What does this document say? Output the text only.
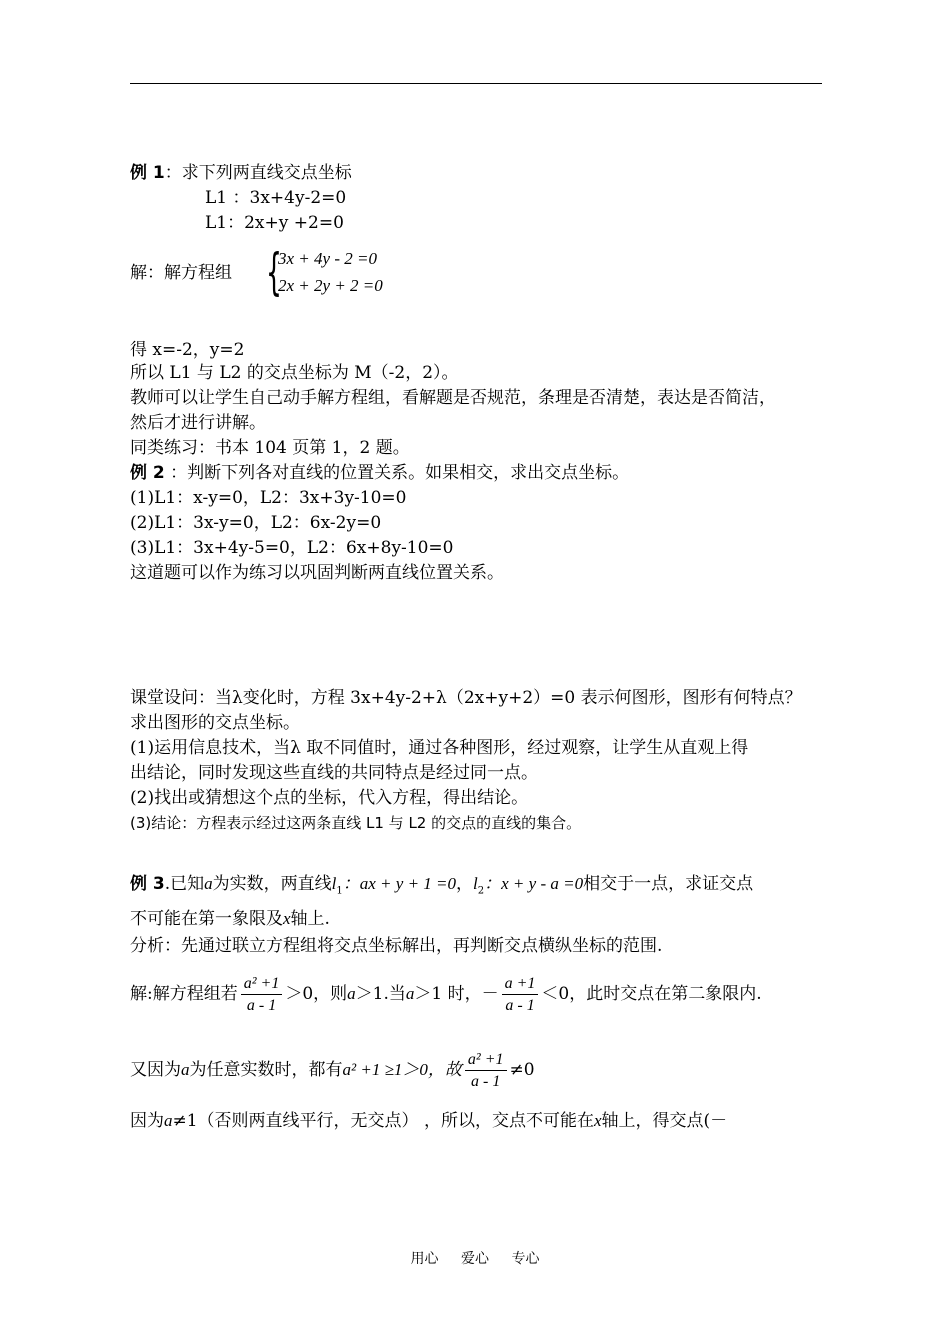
例 1：求下列两直线交点坐标
L1 ：3x+4y-2=0
L1：2x+y +2=0
解：解方程组 {
3x + 4y - 2 =0
2x + 2y + 2 =0
得 x=-2，y=2
所以 L1 与 L2 的交点坐标为 M（-2，2）。
教师可以让学生自己动手解方程组，看解题是否规范，条理是否清楚，表达是否简洁，
然后才进行讲解。
同类练习：书本 104 页第 1，2 题。
例 2 ：判断下列各对直线的位置关系。如果相交，求出交点坐标。
(1)L1：x-y=0，L2：3x+3y-10=0
(2)L1：3x-y=0，L2：6x-2y=0
(3)L1：3x+4y-5=0，L2：6x+8y-10=0
这道题可以作为练习以巩固判断两直线位置关系。
课堂设问：当λ变化时，方程 3x+4y-2+λ（2x+y+2）=0 表示何图形，图形有何特点？
求出图形的交点坐标。
(1)运用信息技术，当λ 取不同值时，通过各种图形，经过观察，让学生从直观上得
出结论，同时发现这些直线的共同特点是经过同一点。
(2)找出或猜想这个点的坐标，代入方程，得出结论。
(3)结论：方程表示经过这两条直线 L1 与 L2 的交点的直线的集合。
例 3.已知a为实数，两直线$l_1$：ax + y + 1 =0，$l_2$：x + y - a =0相交于一点，求证交点
不可能在第一象限及x轴上.
分析：先通过联立方程组将交点坐标解出，再判断交点横纵坐标的范围.
解:解方程组若 $\frac{\text{a² +1}}{a - 1} >0$，则a＞1.当a＞1 时，－ $\frac{a +1}{a - 1} <0$，此时交点在第二象限内.
又因为a为任意实数时，都有a² +1 ≥1＞0，故 $\frac{\text{a² +1}}{a - 1} \ne 0$
因为a≠1（否则两直线平行，无交点） ，所以，交点不可能在x轴上，得交点(－
用心 爱心 专心
